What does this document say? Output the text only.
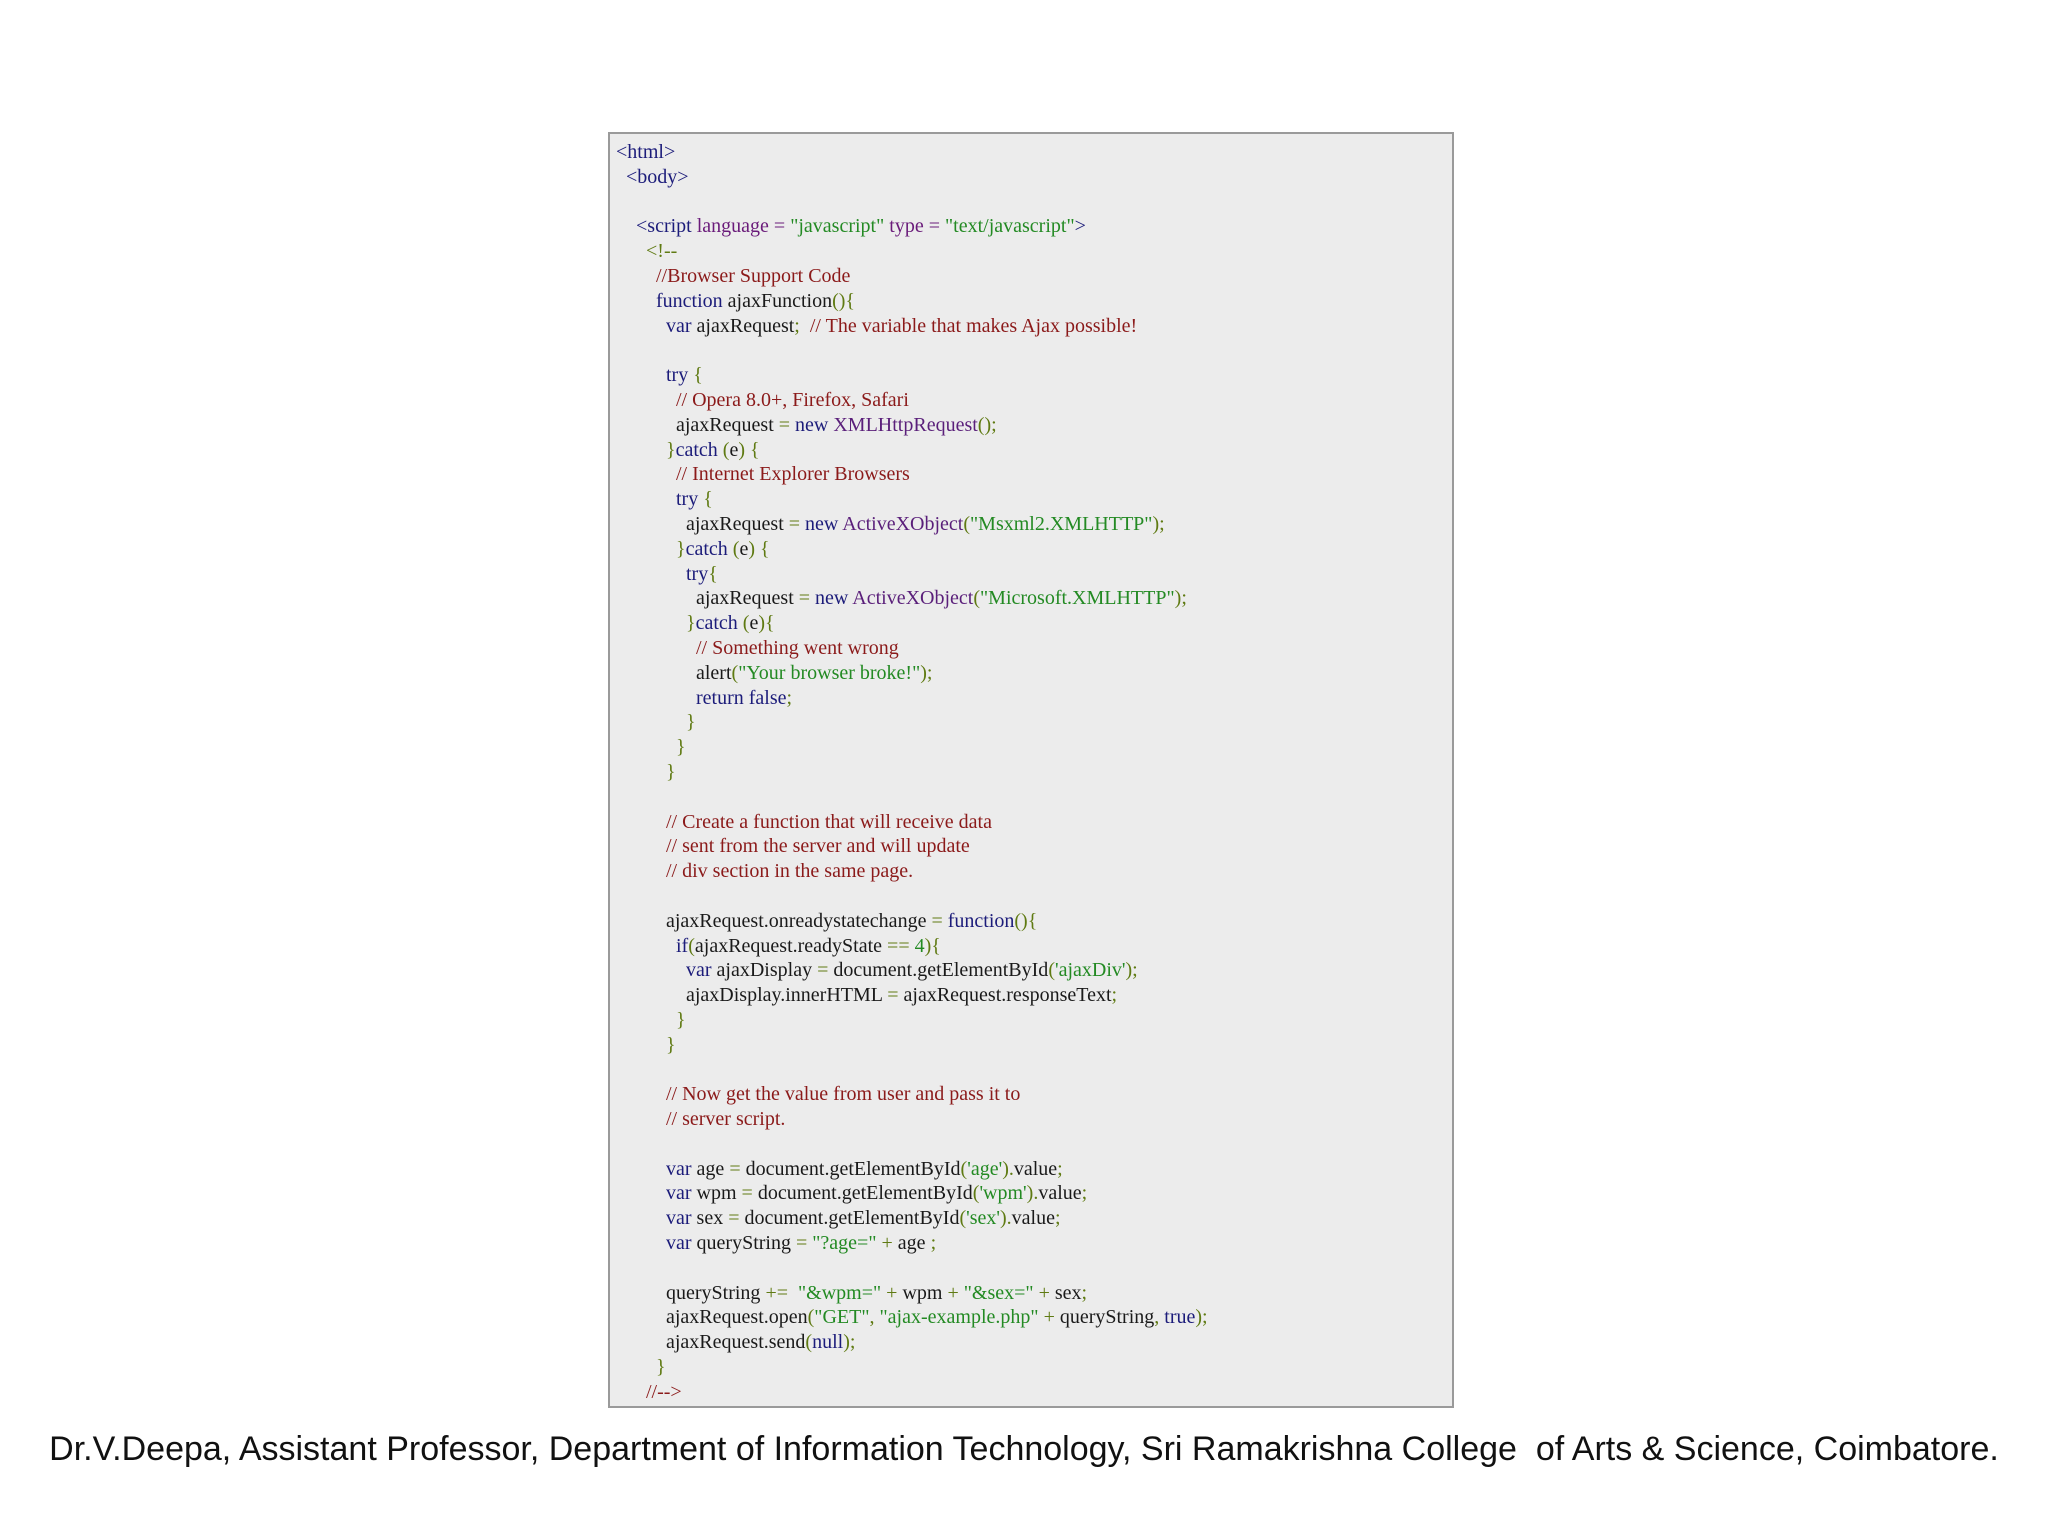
<html>
<body>
<script language = "javascript" type = "text/javascript">
<!--
//Browser Support Code
function ajaxFunction(){
var ajaxRequest; // The variable that makes Ajax possible!
try {
// Opera 8.0+, Firefox, Safari
ajaxRequest = new XMLHttpRequest();
}catch (e) {
// Internet Explorer Browsers
try {
ajaxRequest = new ActiveXObject("Msxml2.XMLHTTP");
}catch (e) {
try{
ajaxRequest = new ActiveXObject("Microsoft.XMLHTTP");
}catch (e){
// Something went wrong
alert("Your browser broke!");
return false;
}
}
}
// Create a function that will receive data
// sent from the server and will update
// div section in the same page.
ajaxRequest.onreadystatechange = function(){
if(ajaxRequest.readyState == 4){
var ajaxDisplay = document.getElementById('ajaxDiv');
ajaxDisplay.innerHTML = ajaxRequest.responseText;
}
}
// Now get the value from user and pass it to
// server script.
var age = document.getElementById('age').value;
var wpm = document.getElementById('wpm').value;
var sex = document.getElementById('sex').value;
var queryString = "?age=" + age ;
queryString +=  "&wpm=" + wpm + "&sex=" + sex;
ajaxRequest.open("GET", "ajax-example.php" + queryString, true);
ajaxRequest.send(null);
}
//-->
Dr.V.Deepa, Assistant Professor, Department of Information Technology, Sri Ramakrishna College  of Arts & Science, Coimbatore.
